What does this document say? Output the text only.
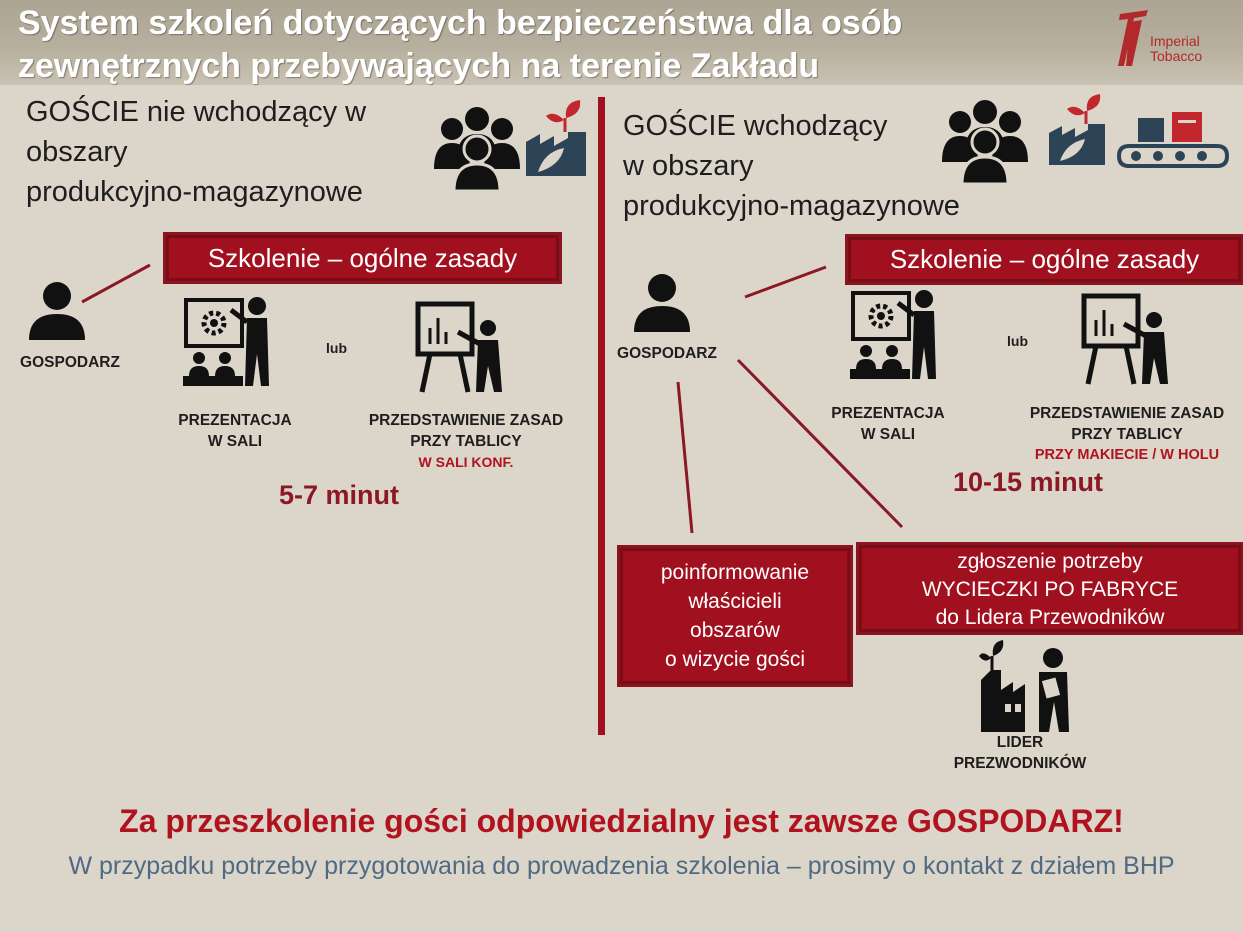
System szkoleń dotyczących bezpieczeństwa dla osób
zewnętrznych przebywających na terenie Zakładu
Imperial
Tobacco
GOŚCIE nie wchodzący w
obszary
produkcyjno-magazynowe
GOSPODARZ
Szkolenie – ogólne zasady
PREZENTACJA
W SALI
lub
PRZEDSTAWIENIE ZASAD
PRZY TABLICY
W SALI KONF.
5-7 minut
GOŚCIE wchodzący
w obszary
produkcyjno-magazynowe
GOSPODARZ
Szkolenie – ogólne zasady
PREZENTACJA
W SALI
lub
PRZEDSTAWIENIE ZASAD
PRZY TABLICY
PRZY MAKIECIE / W HOLU
10-15 minut
poinformowanie
właścicieli
obszarów
o wizycie gości
zgłoszenie potrzeby
WYCIECZKI PO FABRYCE
do Lidera Przewodników
LIDER
PREZWODNIKÓW
Za przeszkolenie gości odpowiedzialny jest zawsze GOSPODARZ!
W przypadku potrzeby przygotowania do prowadzenia szkolenia – prosimy o kontakt z działem BHP
